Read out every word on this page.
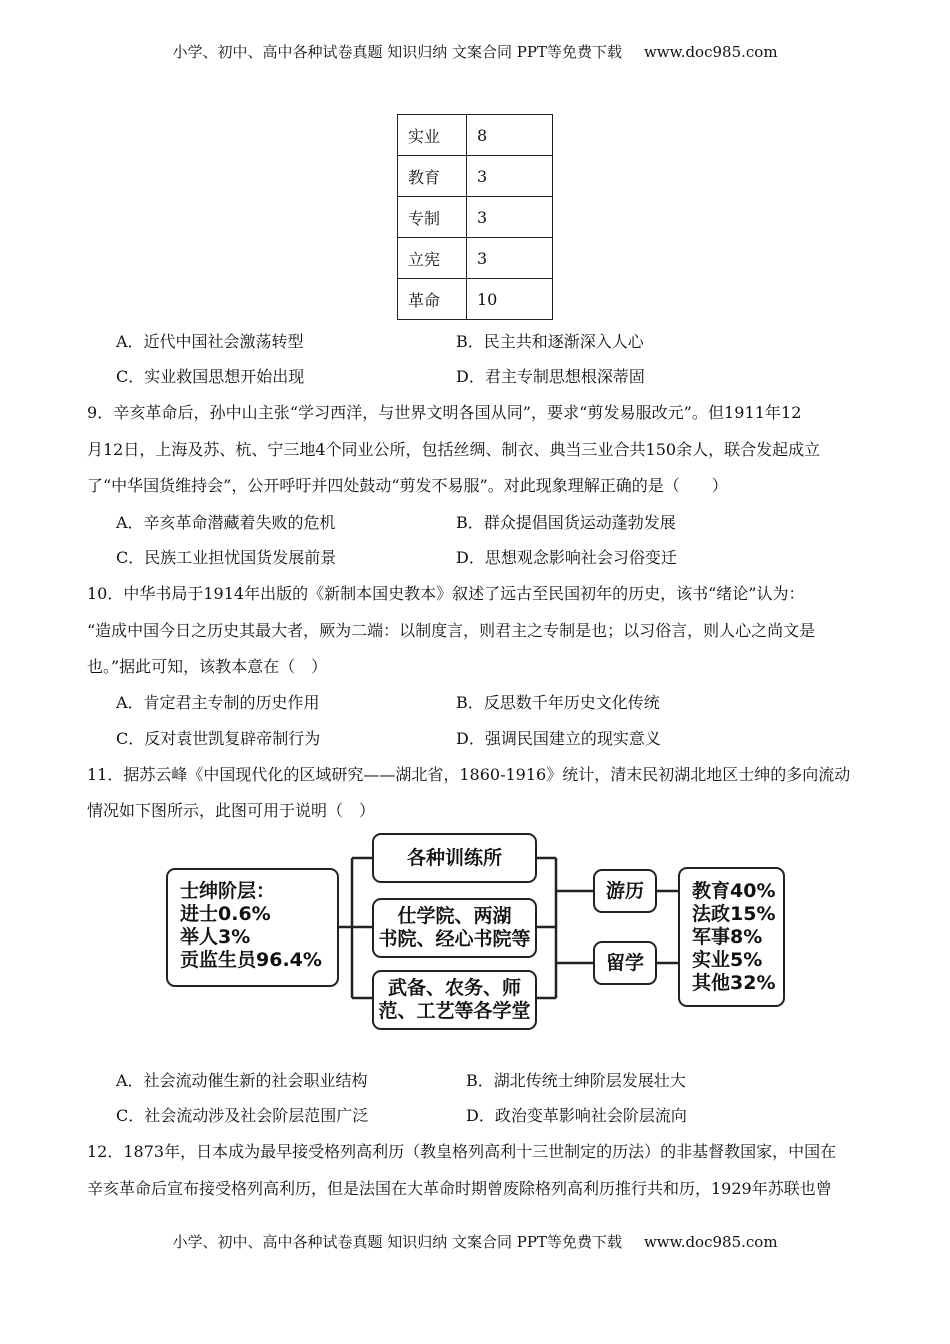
小学、初中、高中各种试卷真题 知识归纳 文案合同 PPT等免费下载 www.doc985.com
实业	8
教育	3
专制	3
立宪	3
革命	10
A．近代中国社会激荡转型	B．民主共和逐渐深入人心
C．实业救国思想开始出现	D．君主专制思想根深蒂固
9．辛亥革命后，孙中山主张“学习西洋，与世界文明各国从同”，要求“剪发易服改元”。但1911年12
月12日，上海及苏、杭、宁三地4个同业公所，包括丝绸、制衣、典当三业合共150余人，联合发起成立
了“中华国货维持会”，公开呼吁并四处鼓动“剪发不易服”。对此现象理解正确的是（　　）
A．辛亥革命潜藏着失败的危机	B．群众提倡国货运动蓬勃发展
C．民族工业担忧国货发展前景	D．思想观念影响社会习俗变迁
10．中华书局于1914年出版的《新制本国史教本》叙述了远古至民国初年的历史，该书“绪论”认为：
“造成中国今日之历史其最大者，厥为二端：以制度言，则君主之专制是也；以习俗言，则人心之尚文是
也。”据此可知，该教本意在（　）
A．肯定君主专制的历史作用	B．反思数千年历史文化传统
C．反对袁世凯复辟帝制行为	D．强调民国建立的现实意义
11．据苏云峰《中国现代化的区域研究——湖北省，1860-1916》统计，清末民初湖北地区士绅的多向流动
情况如下图所示，此图可用于说明（　）
士绅阶层：
进士0.6%
举人3%
贡监生员96.4%
各种训练所
仕学院、两湖
书院、经心书院等
武备、农务、师
范、工艺等各学堂
游历
留学
教育40%
法政15%
军事8%
实业5%
其他32%
A．社会流动催生新的社会职业结构	B．湖北传统士绅阶层发展壮大
C．社会流动涉及社会阶层范围广泛	D．政治变革影响社会阶层流向
12．1873年，日本成为最早接受格列高利历（教皇格列高利十三世制定的历法）的非基督教国家，中国在
辛亥革命后宣布接受格列高利历，但是法国在大革命时期曾废除格列高利历推行共和历，1929年苏联也曾
小学、初中、高中各种试卷真题 知识归纳 文案合同 PPT等免费下载 www.doc985.com
